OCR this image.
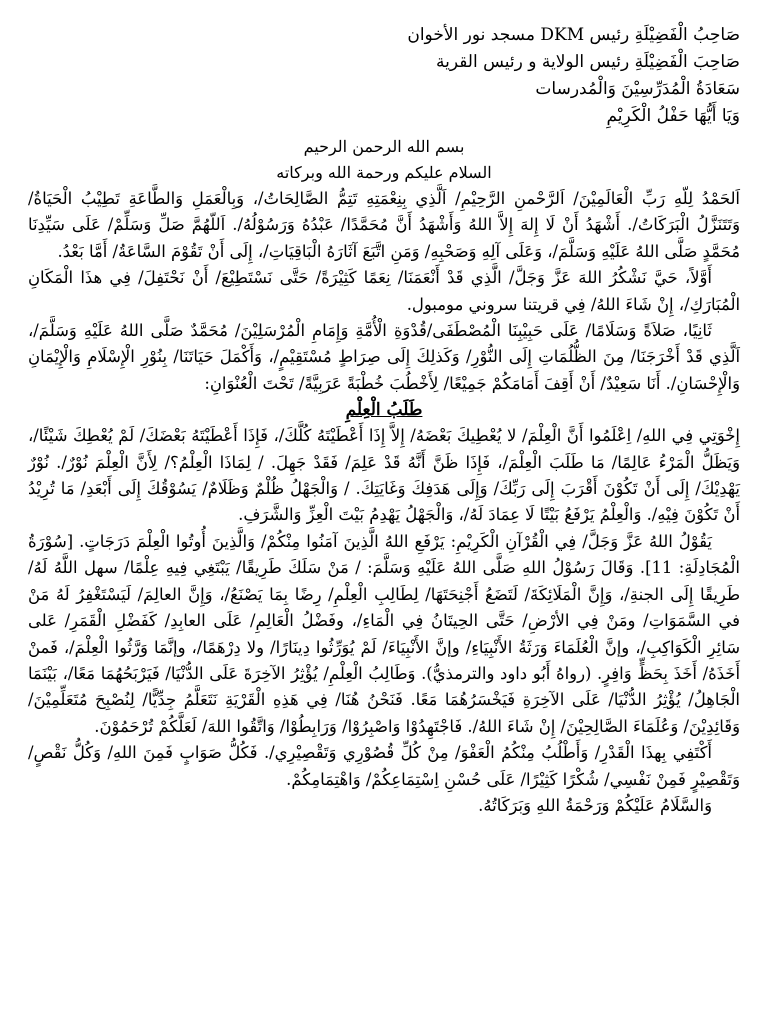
صَاحِبُ الْفَضِيْلَةِ رئيس DKM مسجد نور الأخوان
صَاحِبَ الْفَضِيْلَةِ رئيس الولاية و رئيس القرية
سَعَادَةُ الْمُدَرِّسِيْنَ وَالْمُدرسات
وَيَا أَيُّهَا حَفْلُ الْكَرِيْمِ
بسم الله الرحمن الرحيم
السلام عليكم ورحمة الله وبركاته

اَلحَمْدُ لِلّهِ رَبِّ الْعَالَمِيْنَ/ اَلرَّحْمنِ الرَّحِيْمِ/ اَلَّذِي بِنِعْمَتِهِ تَتِمُّ الصَّالِحَاتُ/، وَبِالْعَمَلِ وَالطَّاعَةِ تَطِيْبُ الْحَيَاةُ/ وَتَتَنَزَّلُ الْبَرَكَاتُ/. أَشْهَدُ أَنْ لَا إِلهَ إِلاَّ اللهُ وَأَشْهَدُ أَنَّ مُحَمَّدًا/ عَبْدُهُ وَرَسُوْلُهُ/. اَللّهُمَّ صَلِّ وَسَلِّمْ/ عَلَى سَيِّدِنَا مُحَمَّدٍ صَلَّى اللهُ عَلَيْهِ وَسَلَّمَ/، وَعَلَى آلِهِ وَصَحْبِهِ/ وَمَنِ اتَّبَعَ آثَارَهُ الْبَاقِيَاتِ/، إِلَى أَنْ تَقُوْمَ السَّاعَةُ/ أَمَّا بَعْدُ.

أَوَّلاً، حَيَّ نَشْكُرُ اللهَ عَزَّ وَجَلَّ/ الَّذِي قَدْ أَنْعَمَنَا/ نِعَمًا كَثِيْرَةً/ حَتَّى نَسْتَطِيْعَ/ أَنْ نَحْتَفِلَ/ فِي هذَا الْمَكَانِ الْمُبَارَكِ/، إِنْ شَاءَ اللهُ/ فِي قريتنا سروني مومبول.

ثَانِيًا، صَلاَةً وَسَلَامًا/ عَلَى حَبِيْبِنَا الْمُصْطَفَى/قُدْوَةِ الْأُمَّةِ وَإِمَامِ الْمُرْسَلِيْنَ/ مُحَمَّدٌ صَلَّى اللهُ عَلَيْهِ وَسَلَّمَ/، اَلَّذِي قَدْ أَخْرَجَنَا/ مِنَ الظُّلُمَاتِ إِلَى النُّوْرِ/ وَكَذلِكَ إِلَى صِرَاطٍ مُسْتَقِيْمٍ/، وَأَكْمَلَ حَيَاتَنَا/ بِنُوْرِ الْإِسْلَامِ وَالْإِيْمَانِ وَالْإِحْسَانِ/. أَنَا سَعِيْدٌ/ أَنْ أَقِفَ أَمَامَكُمْ جَمِيْعًا/ لِأَخْطُبَ خُطْبَةً عَرَبِيَّةً/ تَحْتَ الْعُنْوَانِ:

طَلَبُ الْعِلْمِ

إِخْوَتِي فِي اللهِ/ اِعْلَمُوا أَنَّ الْعِلْمَ/ لا يُعْطِيكَ بَعْضَهُ/ إِلاَّ إِذَا أَعْطَيْتَهُ كُلَّكَ/، فَإِذَا أَعْطَيْتَهُ بَعْضَكَ/ لَمْ يُعْطِكَ شَيْئًا/، وَيَظَلُّ الْمَرْءُ عَالِمًا/ مَا طَلَبَ الْعِلْمَ/، فَإِذَا ظَنَّ أَنَّهُ قَدْ عَلِمَ/ فَقَدْ جَهِلَ. / لِمَاذَا الْعِلْمُ؟/ لِأَنَّ الْعِلْمَ نُوْرٌ/. نُوْرٌ يَهْدِيْكَ/ إِلَى أَنْ تَكُوْنَ أَقْرَبَ إِلَى رَبِّكَ/ وَإِلَى هَدَفِكَ وَغَايَتِكَ. / وَالْجَهْلُ ظُلْمٌ وَظَلَامٌ/ يَسُوْقُكَ إِلَى أَبْعَدِ/ مَا تُرِيْدُ أَنْ تَكُوْنَ فِيْهِ/. وَالْعِلْمُ يَرْفَعُ بَيْتًا لَا عِمَادَ لَهُ/، وَالْجَهْلُ يَهْدِمُ بَيْتَ الْعِزِّ وَالشَّرَفِ.

يَقُوْلُ اللهُ عَزَّ وَجَلَّ/ فِي الْقُرْآنِ الْكَرِيْمِ: يَرْفَعِ اللهُ الَّذِينَ آمَنُوا مِنْكُمْ/ وَالَّذِينَ أُوتُوا الْعِلْمَ دَرَجَاتٍ. [سُوْرَةُ الْمُجَادِلَةِ: 11]. وَقَالَ رَسُوْلُ اللهِ صَلَّى اللهُ عَلَيْهِ وَسَلَّمَ: / مَنْ سَلَكَ طَرِيقًا/ يَبْتَغِي فِيهِ عِلْمًا/ سهل اللَّهُ لَهُ/ طَرِيقًا إِلَى الجنةِ/، وَإِنَّ الْمَلَائِكَةَ/ لَتَضَعُ أَجْنِحَتَهَا/ لِطَالِبِ الْعِلْمِ/ رِضًا بِمَا يَصْنَعُ/، وَإِنَّ العالِمَ/ لَيَسْتَغْفِرُ لَهُ مَنْ في السَّمَوَاتِ/ ومَنْ فِي الأرْضِ/ حَتَّى الحِيتَانُ فِي الْمَاءِ/، وفَضْلُ الْعَالِمِ/ عَلَى العابِدِ/ كَفَضْلِ الْقَمَرِ/ عَلى سَائِرِ الْكَوَاكِبِ/، وإنَّ الْعُلَمَاءَ وَرَثَةُ الأَنْبِيَاءِ/ وإنَّ الأَنْبِيَاءَ/ لَمْ يُوَرِّثُوا دِينَارًا/ ولا دِرْهَمًا/، وإنَّمَا وَرَّثُوا الْعِلْمَ/، فَمنْ أَخَذَهُ/ أَخَذَ بِحَظٍّ وَافِرٍ. (رواهُ أَبُو داود والترمذيُّ). وَطَالِبُ الْعِلْمِ/ يُؤْثِرُ الآخِرَةَ عَلَى الدُّنْيَا/ فَيَرْبَحُهُمَا مَعًا/، بَيْنَمَا الْجَاهِلُ/ يُؤْثِرُ الدُّنْيَا/ عَلَى الآخِرَةِ فَيَخْسَرُهُمَا مَعًا. فَنَحْنُ هُنَا/ فِي هَذِهِ الْقَرْيَةِ نَتَعَلَّمُ جِدِّيًّا/ لِنُصْبِحَ مُتَعَلِّمِيْنَ/ وَقَائِدِيْنَ/ وَعُلَمَاءَ الصَّالِحِيْنَ/ إِنْ شَاءَ اللهُ/. فَاجْتَهِدُوْا وَاصْبِرُوْا/ وَرَابِطُوْا/ وَاتَّقُوا اللهَ/ لَعَلَّكُمْ تُرْحَمُوْنَ.

أَكْتَفِي بِهذَا الْقَدْرِ/ وَأَطْلُبُ مِنْكُمُ الْعَفْوَ/ مِنْ كُلِّ قُصُوْرِي وَتَقْصِيْرِي/. فَكُلُّ صَوَابٍ فَمِنَ اللهِ/ وَكُلُّ نَقْصٍ/ وَتَقْصِيْرٍ فَمِنْ نَفْسِي/ شُكْرًا كَثِيْرًا/ عَلَى حُسْنِ اِسْتِمَاعِكُمْ/ وَاهْتِمَامِكُمْ.

وَالسَّلَامُ عَلَيْكُمْ وَرَحْمَةُ اللهِ وَبَرَكَاتُهُ.
